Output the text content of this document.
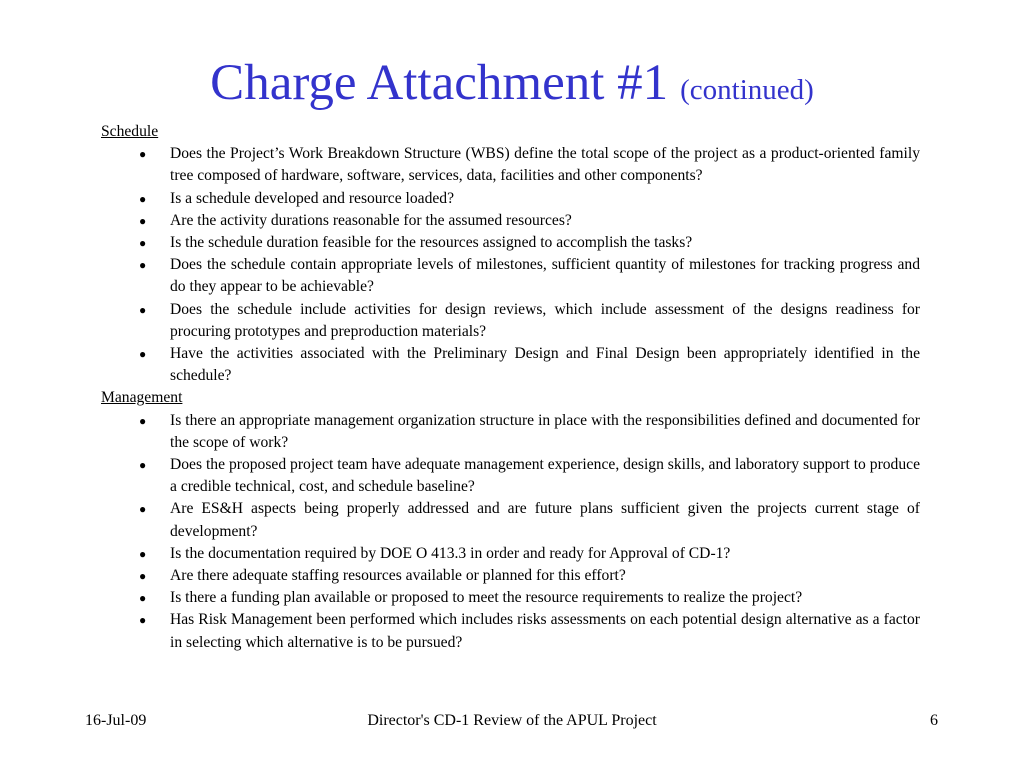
Charge Attachment #1 (continued)
Schedule
● Does the Project’s Work Breakdown Structure (WBS) define the total scope of the project as a product-oriented family tree composed of hardware, software, services, data, facilities and other components?
● Is a schedule developed and resource loaded?
● Are the activity durations reasonable for the assumed resources?
● Is the schedule duration feasible for the resources assigned to accomplish the tasks?
● Does the schedule contain appropriate levels of milestones, sufficient quantity of milestones for tracking progress and do they appear to be achievable?
● Does the schedule include activities for design reviews, which include assessment of the designs readiness for procuring prototypes and preproduction materials?
● Have the activities associated with the Preliminary Design and Final Design been appropriately identified in the schedule?
Management
● Is there an appropriate management organization structure in place with the responsibilities defined and documented for the scope of work?
● Does the proposed project team have adequate management experience, design skills, and laboratory support to produce a credible technical, cost, and schedule baseline?
● Are ES&H aspects being properly addressed and are future plans sufficient given the projects current stage of development?
● Is the documentation required by DOE O 413.3 in order and ready for Approval of CD-1?
● Are there adequate staffing resources available or planned for this effort?
● Is there a funding plan available or proposed to meet the resource requirements to realize the project?
● Has Risk Management been performed which includes risks assessments on each potential design alternative as a factor in selecting which alternative is to be pursued?
16-Jul-09	Director's CD-1 Review of the APUL Project	6
